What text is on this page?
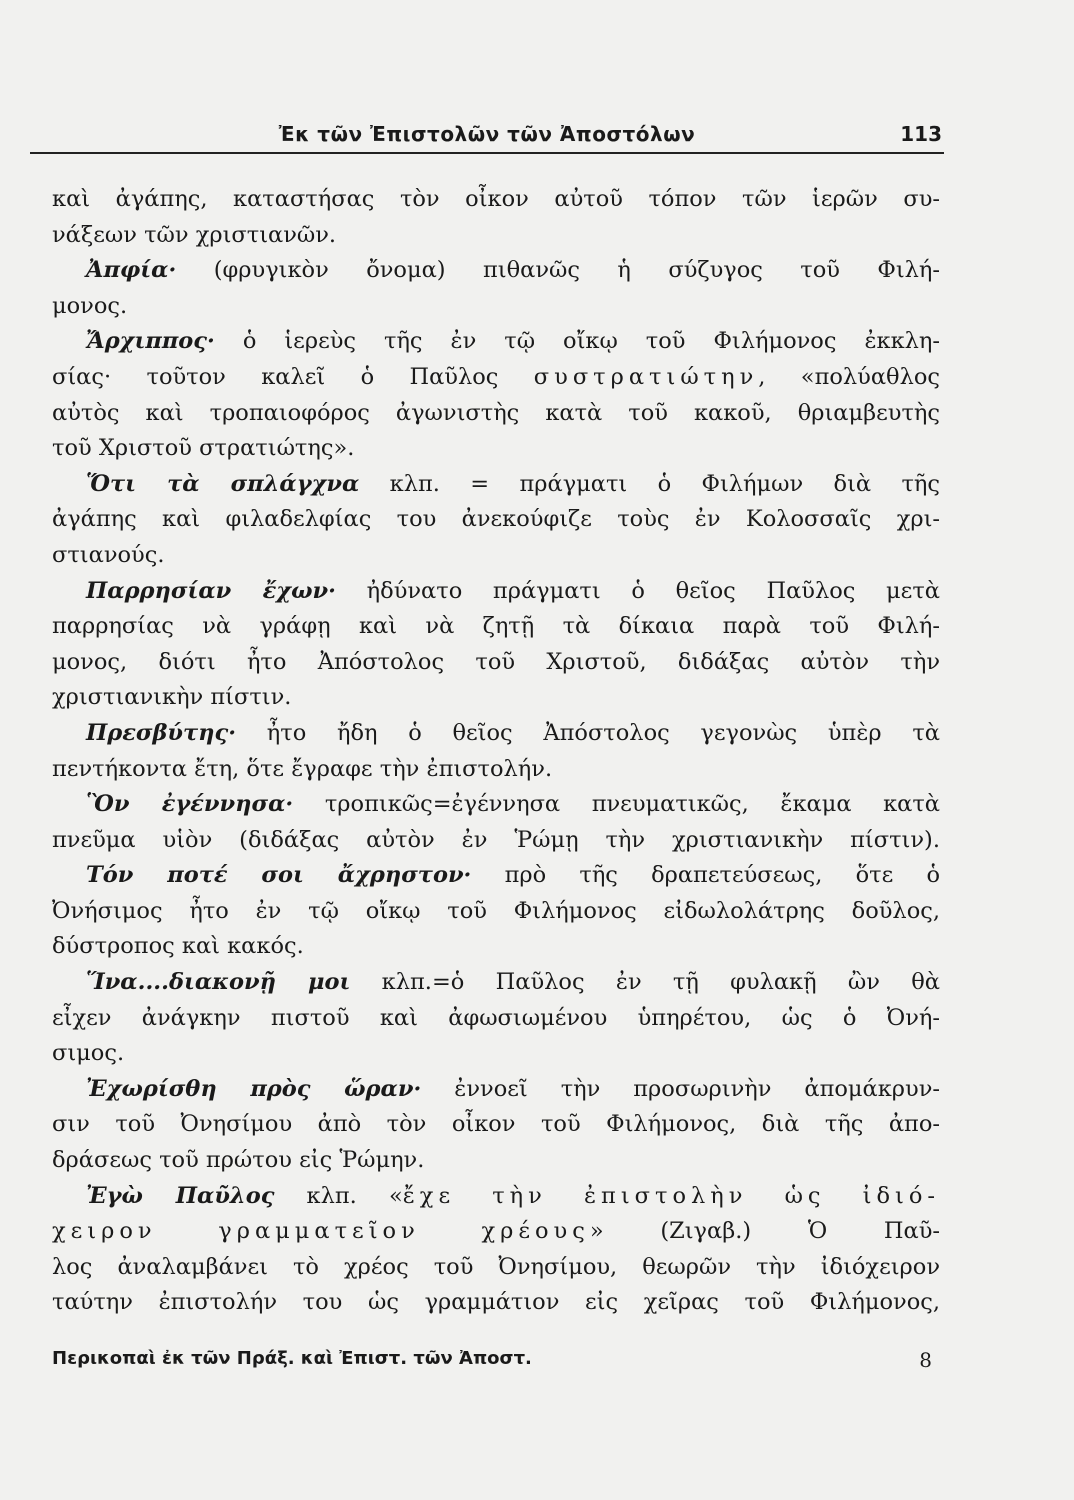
Ἐκ τῶν Ἐπιστολῶν τῶν Ἀποστόλων	113
καὶ ἀγάπης, καταστήσας τὸν οἶκον αὐτοῦ τόπον τῶν ἱερῶν συ-
νάξεων τῶν χριστιανῶν.
Ἀπφία· (φρυγικὸν ὄνομα) πιθανῶς ἡ σύζυγος τοῦ Φιλή-
μονος.
Ἄρχιππος· ὁ ἱερεὺς τῆς ἐν τῷ οἴκῳ τοῦ Φιλήμονος ἐκκλη-
σίας· τοῦτον καλεῖ ὁ Παῦλος συστρατιώτην, «πολύαθλος
αὐτὸς καὶ τροπαιοφόρος ἀγωνιστὴς κατὰ τοῦ κακοῦ, θριαμβευτὴς
τοῦ Χριστοῦ στρατιώτης».
Ὅτι τὰ σπλάγχνα κλπ. = πράγματι ὁ Φιλήμων διὰ τῆς
ἀγάπης καὶ φιλαδελφίας του ἀνεκούφιζε τοὺς ἐν Κολοσσαῖς χρι-
στιανούς.
Παρρησίαν ἔχων· ἠδύνατο πράγματι ὁ θεῖος Παῦλος μετὰ
παρρησίας νὰ γράφῃ καὶ νὰ ζητῇ τὰ δίκαια παρὰ τοῦ Φιλή-
μονος, διότι ἦτο Ἀπόστολος τοῦ Χριστοῦ, διδάξας αὐτὸν τὴν
χριστιανικὴν πίστιν.
Πρεσβύτης· ἦτο ἤδη ὁ θεῖος Ἀπόστολος γεγονὼς ὑπὲρ τὰ
πεντήκοντα ἔτη, ὅτε ἔγραφε τὴν ἐπιστολήν.
Ὃν ἐγέννησα· τροπικῶς=ἐγέννησα πνευματικῶς, ἔκαμα κατὰ
πνεῦμα υἱὸν (διδάξας αὐτὸν ἐν Ῥώμῃ τὴν χριστιανικὴν πίστιν).
Τόν ποτέ σοι ἄχρηστον· πρὸ τῆς δραπετεύσεως, ὅτε ὁ
Ὀνήσιμος ἦτο ἐν τῷ οἴκῳ τοῦ Φιλήμονος εἰδωλολάτρης δοῦλος,
δύστροπος καὶ κακός.
Ἵνα....διακονῇ μοι κλπ.=ὁ Παῦλος ἐν τῇ φυλακῇ ὢν θὰ
εἶχεν ἀνάγκην πιστοῦ καὶ ἀφωσιωμένου ὑπηρέτου, ὡς ὁ Ὀνή-
σιμος.
Ἐχωρίσθη πρὸς ὥραν· ἐννοεῖ τὴν προσωρινὴν ἀπομάκρυν-
σιν τοῦ Ὀνησίμου ἀπὸ τὸν οἶκον τοῦ Φιλήμονος, διὰ τῆς ἀπο-
δράσεως τοῦ πρώτου εἰς Ῥώμην.
Ἐγὼ Παῦλος κλπ. «ἔχε τὴν ἐπιστολὴν ὡς ἰδιό-
χειρον γραμματεῖον χρέους» (Ζιγαβ.) Ὁ Παῦ-
λος ἀναλαμβάνει τὸ χρέος τοῦ Ὀνησίμου, θεωρῶν τὴν ἰδιόχειρον
ταύτην ἐπιστολήν του ὡς γραμμάτιον εἰς χεῖρας τοῦ Φιλήμονος,
Περικοπαὶ ἐκ τῶν Πράξ. καὶ Ἐπιστ. τῶν Ἀποστ.	8
